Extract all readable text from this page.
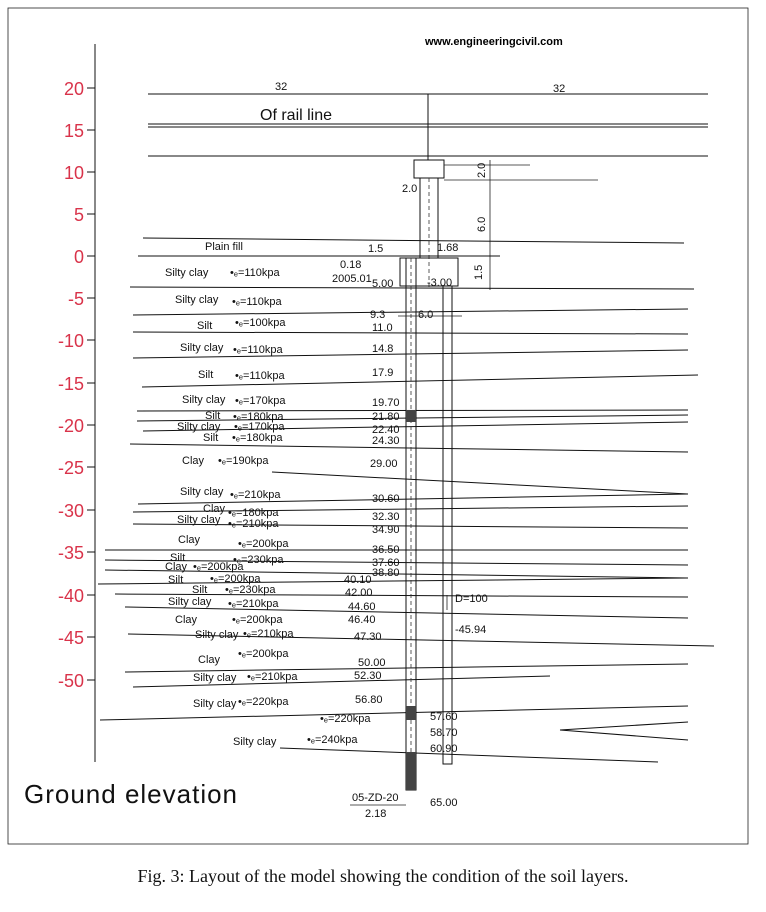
www.engineeringcivil.com
20
15
10
5
0
-5
-10
-15
-20
-25
-30
-35
-40
-45
-50
Ground elevation
32	32
Of rail line
2.0
2.0
6.0
1.5
Plain fill
Silty clay •ₑ=110kpa
Silty clay •ₑ=110kpa
Silt •ₑ=100kpa
Silty clay •ₑ=110kpa
Silt •ₑ=110kpa
Silty clay •ₑ=170kpa
Silt •ₑ=180kpa
Silty clay •ₑ=170kpa
Silt •ₑ=180kpa
Clay •ₑ=190kpa
Silty clay •ₑ=210kpa
Clay •ₑ=180kpa
Silty clay •ₑ=210kpa
Clay	•ₑ=200kpa
Silt	•ₑ=230kpa
Clay •ₑ=200kpa
Silt •ₑ=200kpa
Silt •ₑ=230kpa
Silty clay •ₑ=210kpa
Clay	•ₑ=200kpa
Silty clay •ₑ=210kpa
Clay •ₑ=200kpa
Silty clay •ₑ=210kpa
Silty clay •ₑ=220kpa
•ₑ=220kpa
Silty clay	•ₑ=240kpa
1.5
0.18
2005.01 5.00
9.3
11.0
14.8
17.9
19.70
21.80
22.40
24.30
29.00
30.60
32.30
34.90
36.50
37.60
38.80
40.10
42.00
44.60
46.40
47.30
50.00
52.30
56.80
57.60
58.70
60.90
65.00
1.68
-3.00
6.0
D=100
-45.94
05-ZD-20
2.18
Fig. 3: Layout of the model showing the condition of the soil layers.
